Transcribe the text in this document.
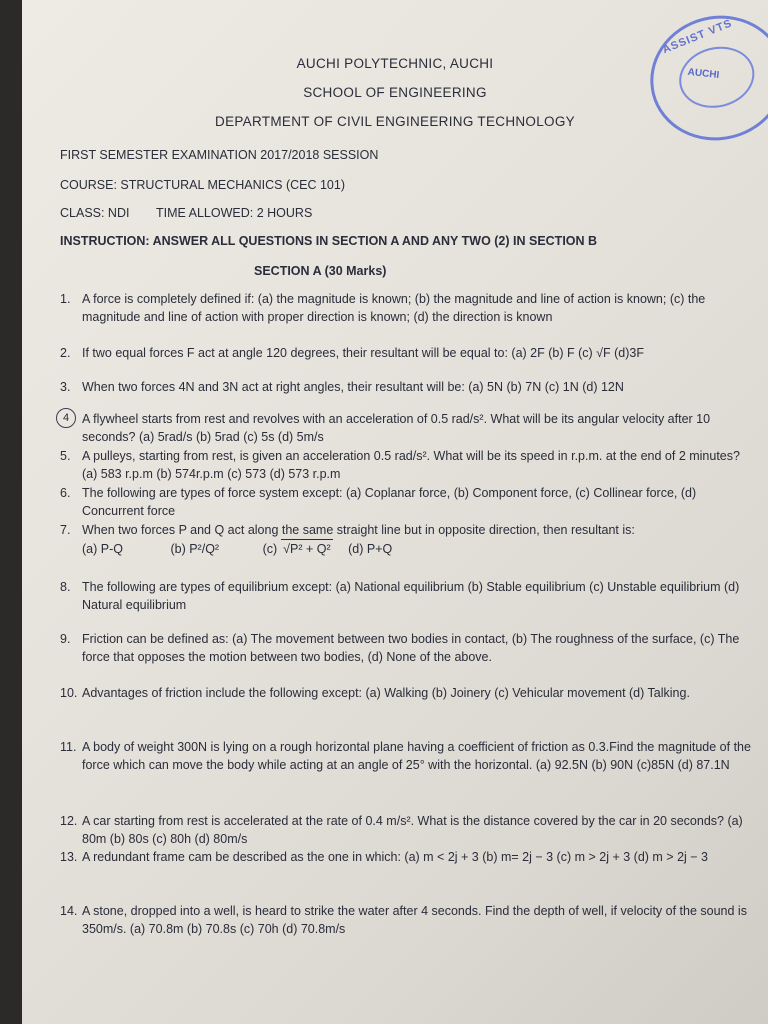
ASSIST VTS
AUCHI
AUCHI POLYTECHNIC, AUCHI
SCHOOL OF ENGINEERING
DEPARTMENT OF CIVIL ENGINEERING TECHNOLOGY
FIRST SEMESTER EXAMINATION 2017/2018 SESSION
COURSE: STRUCTURAL MECHANICS (CEC 101)
CLASS: NDI TIME ALLOWED: 2 HOURS
INSTRUCTION: ANSWER ALL QUESTIONS IN SECTION A AND ANY TWO (2) IN SECTION B
SECTION A (30 Marks)
1. A force is completely defined if: (a) the magnitude is known; (b) the magnitude and line of action is known; (c) the magnitude and line of action with proper direction is known; (d) the direction is known
2. If two equal forces F act at angle 120 degrees, their resultant will be equal to: (a) 2F (b) F (c) √F (d)3F
3. When two forces 4N and 3N act at right angles, their resultant will be: (a) 5N (b) 7N (c) 1N (d) 12N
4	A flywheel starts from rest and revolves with an acceleration of 0.5 rad/s². What will be its angular velocity after 10 seconds? (a) 5rad/s (b) 5rad (c) 5s (d) 5m/s
5. A pulleys, starting from rest, is given an acceleration 0.5 rad/s². What will be its speed in r.p.m. at the end of 2 minutes? (a) 583 r.p.m (b) 574r.p.m (c) 573 (d) 573 r.p.m
6. The following are types of force system except: (a) Coplanar force, (b) Component force, (c) Collinear force, (d) Concurrent force
7. When two forces P and Q act along the same straight line but in opposite direction, then resultant is:
(a) P-Q	(b) P²/Q²	(c) √P² + Q² (d) P+Q
8. The following are types of equilibrium except: (a) National equilibrium (b) Stable equilibrium (c) Unstable equilibrium (d) Natural equilibrium
9. Friction can be defined as: (a) The movement between two bodies in contact, (b) The roughness of the surface, (c) The force that opposes the motion between two bodies, (d) None of the above.
10. Advantages of friction include the following except: (a) Walking (b) Joinery (c) Vehicular movement (d) Talking.
11. A body of weight 300N is lying on a rough horizontal plane having a coefficient of friction as 0.3.Find the magnitude of the force which can move the body while acting at an angle of 25° with the horizontal. (a) 92.5N (b) 90N (c)85N (d) 87.1N
12. A car starting from rest is accelerated at the rate of 0.4 m/s². What is the distance covered by the car in 20 seconds? (a) 80m (b) 80s (c) 80h (d) 80m/s
13. A redundant frame cam be described as the one in which: (a) m < 2j + 3 (b) m= 2j − 3 (c) m > 2j + 3 (d) m > 2j − 3
14. A stone, dropped into a well, is heard to strike the water after 4 seconds. Find the depth of well, if velocity of the sound is 350m/s. (a) 70.8m (b) 70.8s (c) 70h (d) 70.8m/s
